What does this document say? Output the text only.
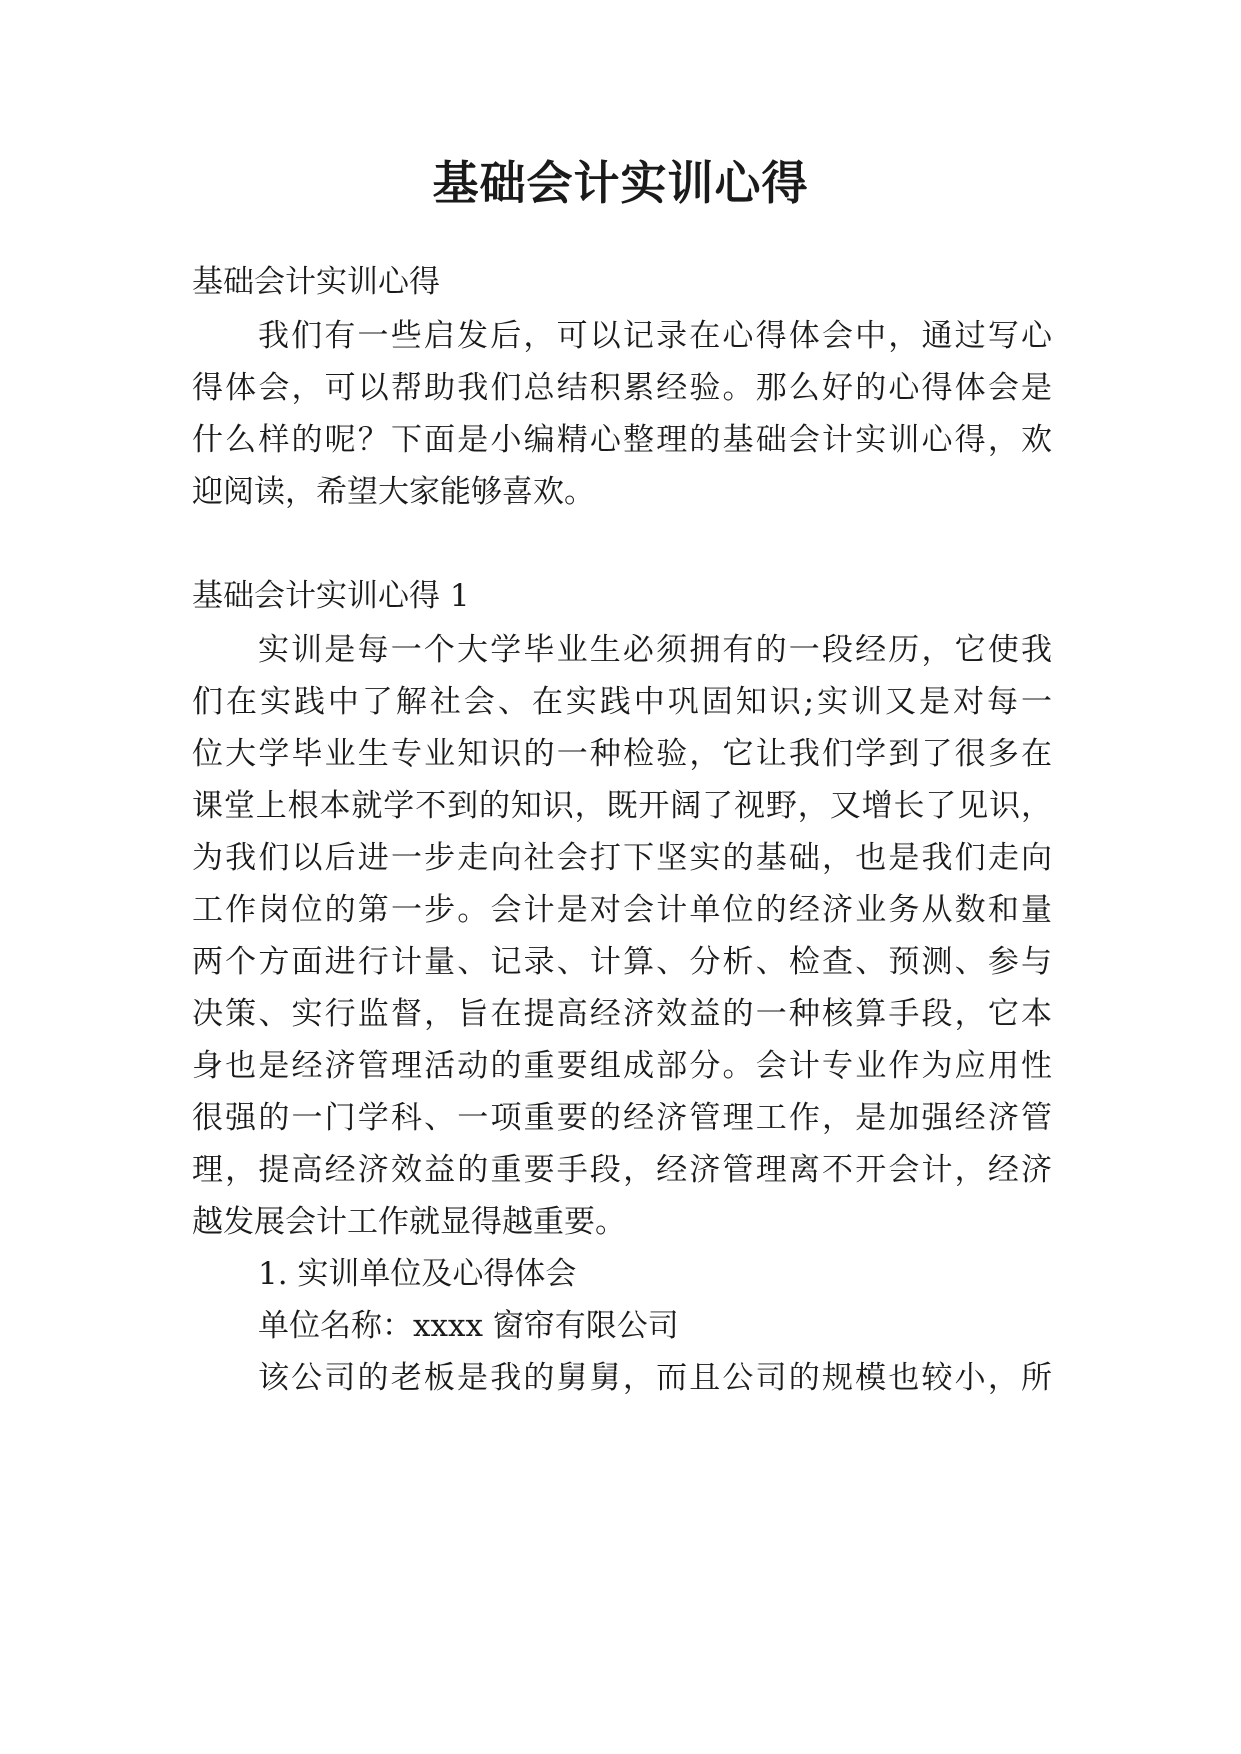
基础会计实训心得

基础会计实训心得

我们有一些启发后，可以记录在心得体会中，通过写心

得体会，可以帮助我们总结积累经验。那么好的心得体会是

什么样的呢？下面是小编精心整理的基础会计实训心得，欢

迎阅读，希望大家能够喜欢。

基础会计实训心得 1

实训是每一个大学毕业生必须拥有的一段经历，它使我

们在实践中了解社会、在实践中巩固知识;实训又是对每一

位大学毕业生专业知识的一种检验，它让我们学到了很多在

课堂上根本就学不到的知识，既开阔了视野，又增长了见识，

为我们以后进一步走向社会打下坚实的基础，也是我们走向

工作岗位的第一步。会计是对会计单位的经济业务从数和量

两个方面进行计量、记录、计算、分析、检查、预测、参与

决策、实行监督，旨在提高经济效益的一种核算手段，它本

身也是经济管理活动的重要组成部分。会计专业作为应用性

很强的一门学科、一项重要的经济管理工作，是加强经济管

理，提高经济效益的重要手段，经济管理离不开会计，经济

越发展会计工作就显得越重要。

1. 实训单位及心得体会

单位名称：xxxx 窗帘有限公司

该公司的老板是我的舅舅，而且公司的规模也较小，所
